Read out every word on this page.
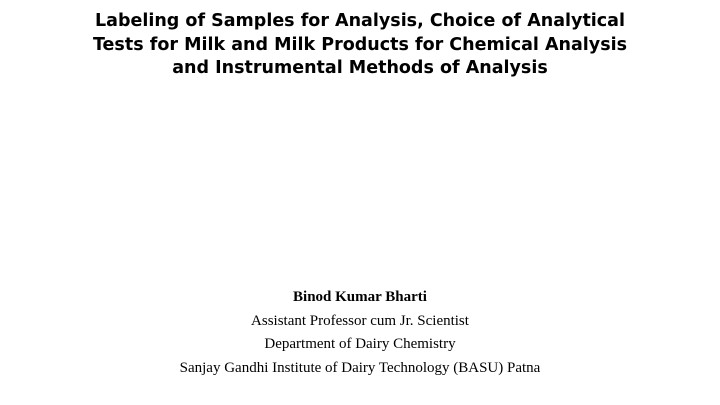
Labeling of Samples for Analysis, Choice of Analytical Tests for Milk and Milk Products for Chemical Analysis and Instrumental Methods of Analysis
Binod Kumar Bharti
Assistant Professor cum Jr. Scientist
Department of Dairy Chemistry
Sanjay Gandhi Institute of Dairy Technology (BASU) Patna
